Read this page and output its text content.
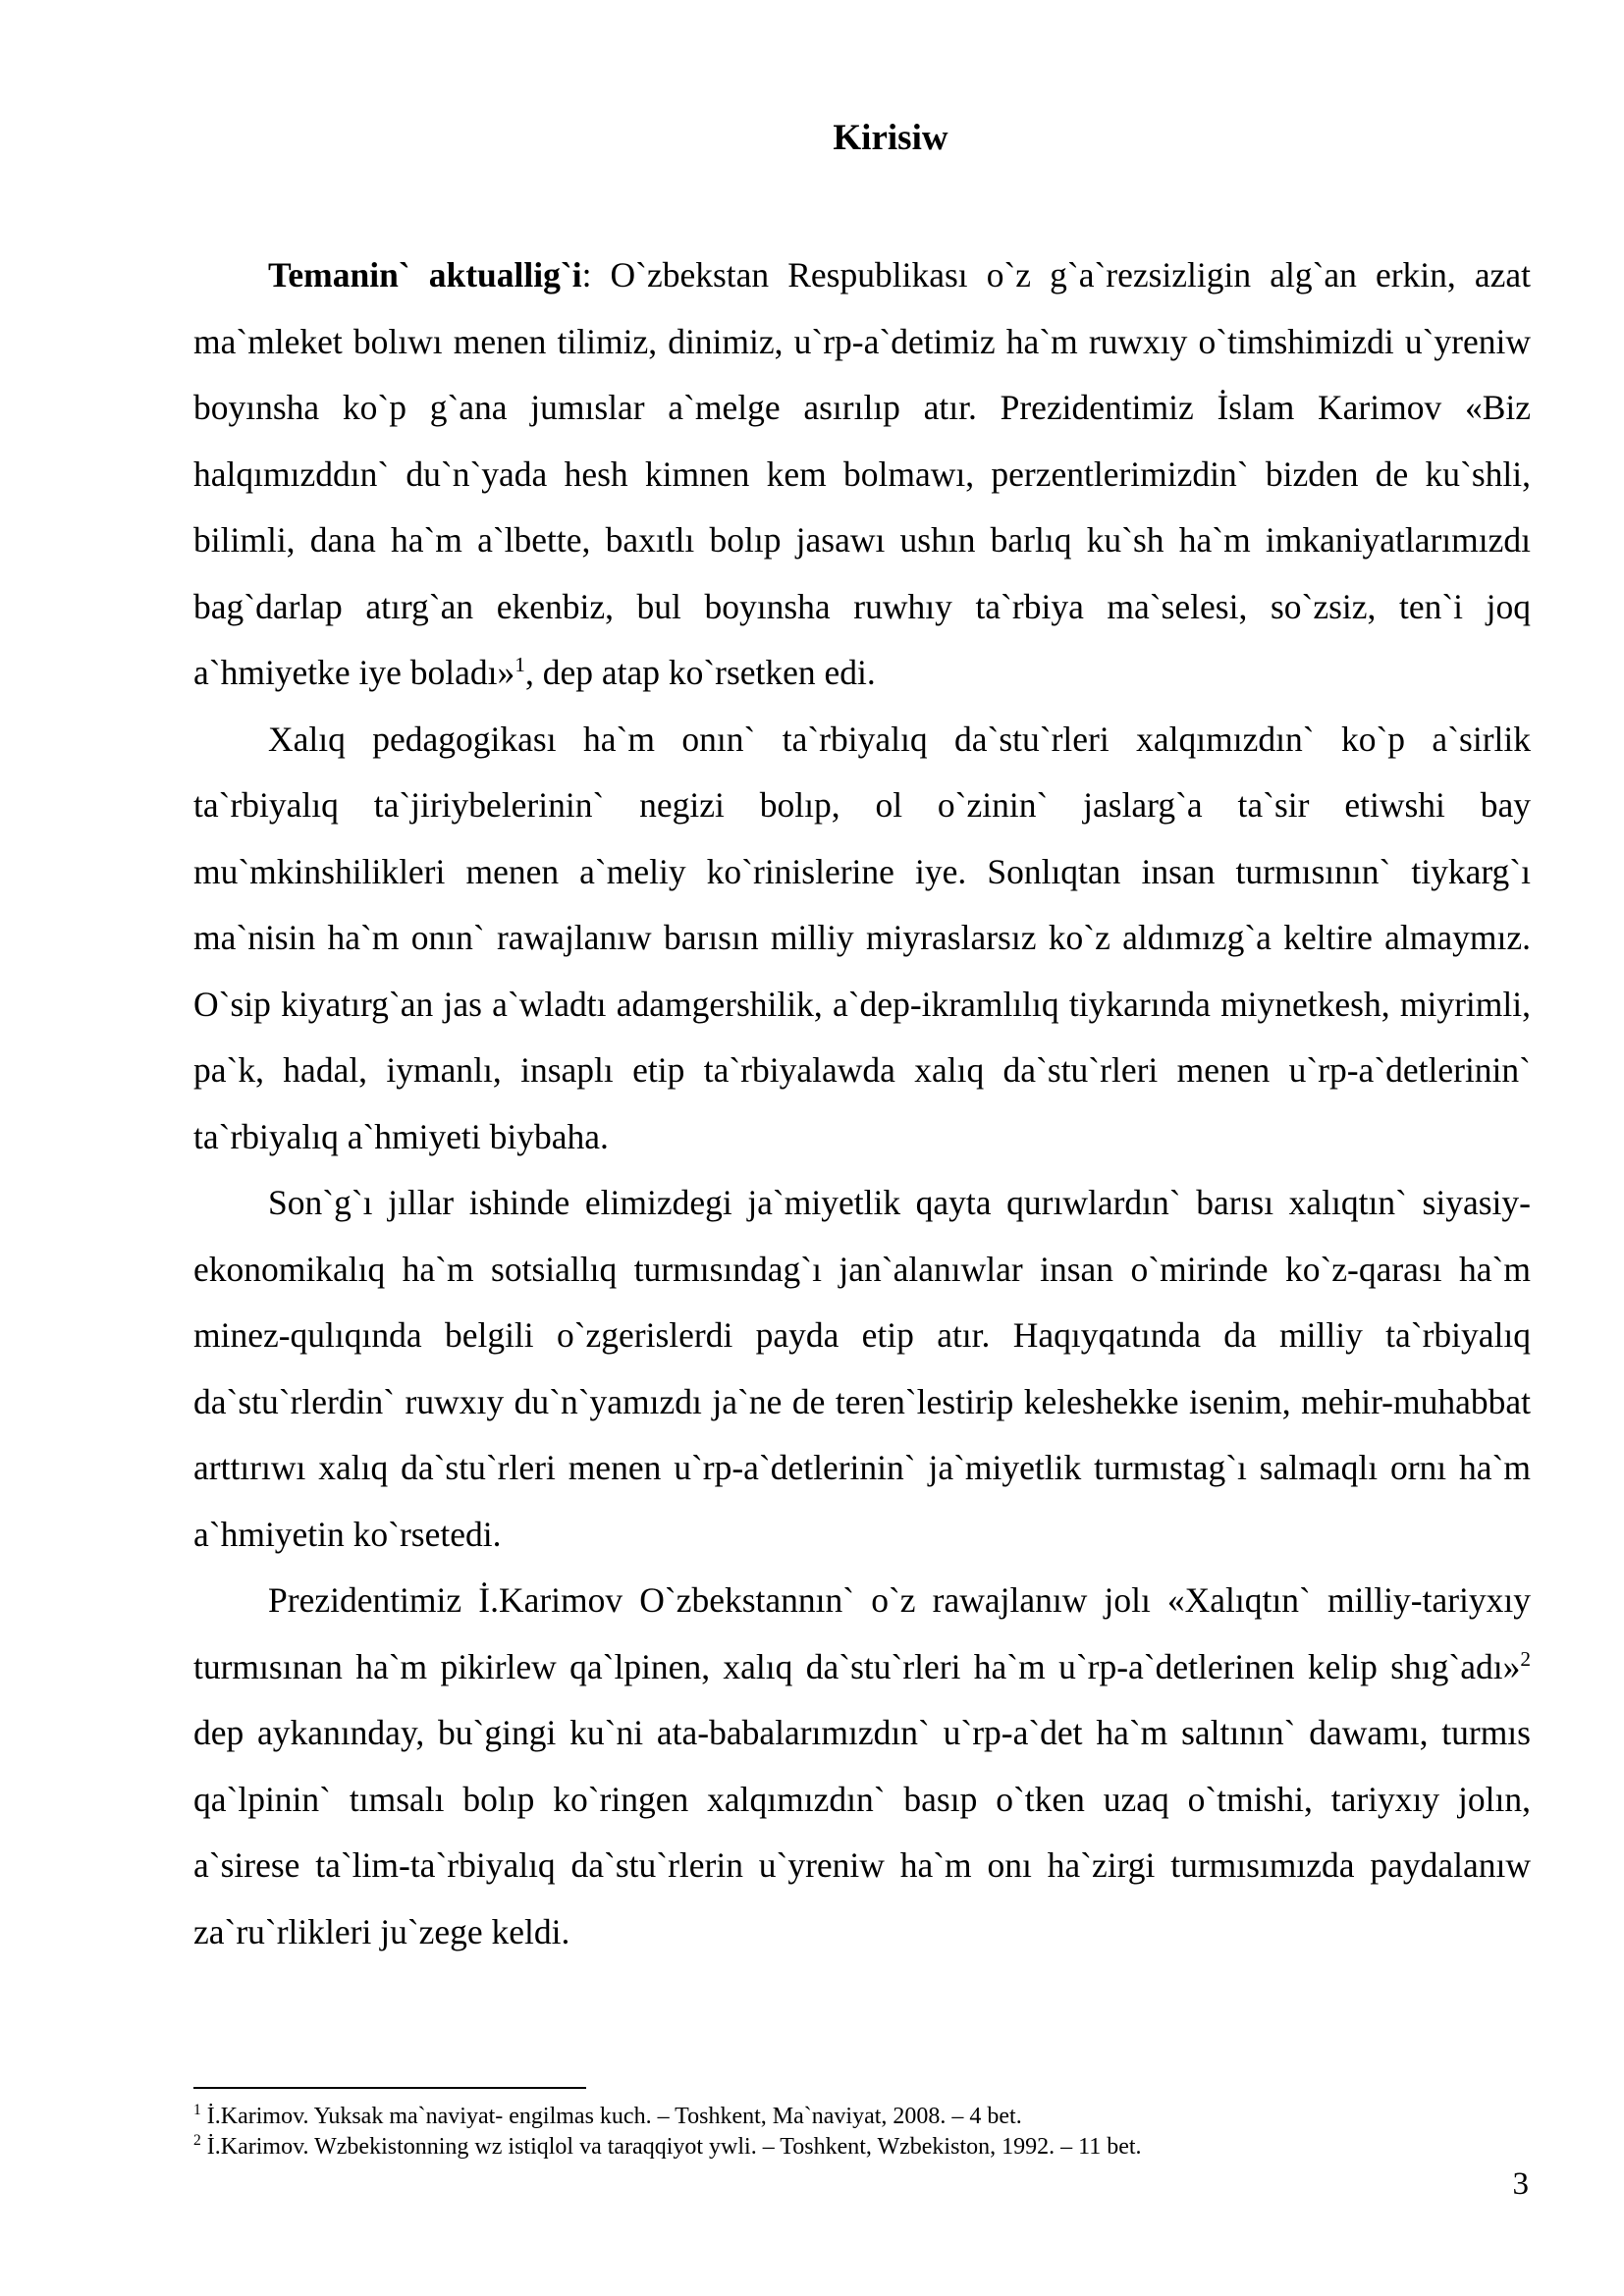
Kirisiw

Temanin` aktuallig`i: O`zbekstan Respublikası o`z g`a`rezsizligin alg`an erkin, azat ma`mleket bolıwı menen tilimiz, dinimiz, u`rp-a`detimiz ha`m ruwxıy o`timshimizdi u`yreniw boyınsha ko`p g`ana jumıslar a`melge asırılıp atır. Prezidentimiz İslam Karimov «Biz halqımızddın` du`n`yada hesh kimnen kem bolmawı, perzentlerimizdin` bizden de ku`shli, bilimli, dana ha`m a`lbette, baxıtlı bolıp jasawı ushın barlıq ku`sh ha`m imkaniyatlarımızdı bag`darlap atırg`an ekenbiz, bul boyınsha ruwhıy ta`rbiya ma`selesi, so`zsiz, ten`i joq a`hmiyetke iye boladı»$^1$, dep atap ko`rsetken edi.

Xalıq pedagogikası ha`m onın` ta`rbiyalıq da`stu`rleri xalqımızdın` ko`p a`sirlik ta`rbiyalıq ta`jiriybelerinin` negizi bolıp, ol o`zinin` jaslarg`a ta`sir etiwshi bay mu`mkinshilikleri menen a`meliy ko`rinislerine iye. Sonlıqtan insan turmısının` tiykarg`ı ma`nisin ha`m onın` rawajlanıw barısın milliy miyraslarsız ko`z aldımızg`a keltire almaymız. O`sip kiyatırg`an jas a`wladtı adamgershilik, a`dep-ikramlılıq tiykarında miynetkesh, miyrimli, pa`k, hadal, iymanlı, insaplı etip ta`rbiyalawda xalıq da`stu`rleri menen u`rp-a`detlerinin` ta`rbiyalıq a`hmiyeti biybaha.

Son`g`ı jıllar ishinde elimizdegi ja`miyetlik qayta qurıwlardın` barısı xalıqtın` siyasiy-ekonomikalıq ha`m sotsiallıq turmısındag`ı jan`alanıwlar insan o`mirinde ko`z-qarası ha`m minez-qulıqında belgili o`zgerislerdi payda etip atır. Haqıyqatında da milliy ta`rbiyalıq da`stu`rlerdin` ruwxıy du`n`yamızdı ja`ne de teren`lestirip keleshekke isenim, mehir-muhabbat arttırıwı xalıq da`stu`rleri menen u`rp-a`detlerinin` ja`miyetlik turmıstag`ı salmaqlı ornı ha`m a`hmiyetin ko`rsetedi.

Prezidentimiz İ.Karimov O`zbekstannın` o`z rawajlanıw jolı «Xalıqtın` milliy-tariyxıy turmısınan ha`m pikirlew qa`lpinen, xalıq da`stu`rleri ha`m u`rp-a`detlerinen kelip shıg`adı»$^2$ dep aykanınday, bu`gingi ku`ni ata-babalarımızdın` u`rp-a`det ha`m saltının` dawamı, turmıs qa`lpinin` tımsalı bolıp ko`ringen xalqımızdın` basıp o`tken uzaq o`tmishi, tariyxıy jolın, a`sirese ta`lim-ta`rbiyalıq da`stu`rlerin u`yreniw ha`m onı ha`zirgi turmısımızda paydalanıw za`ru`rlikleri ju`zege keldi.

$^1$ İ.Karimov. Yuksak ma`naviyat- engilmas kuch. – Toshkent, Ma`naviyat, 2008. – 4 bet.

$^2$ İ.Karimov. Wzbekistonning wz istiqlol va taraqqiyot ywli. – Toshkent, Wzbekiston, 1992. – 11 bet.

3
